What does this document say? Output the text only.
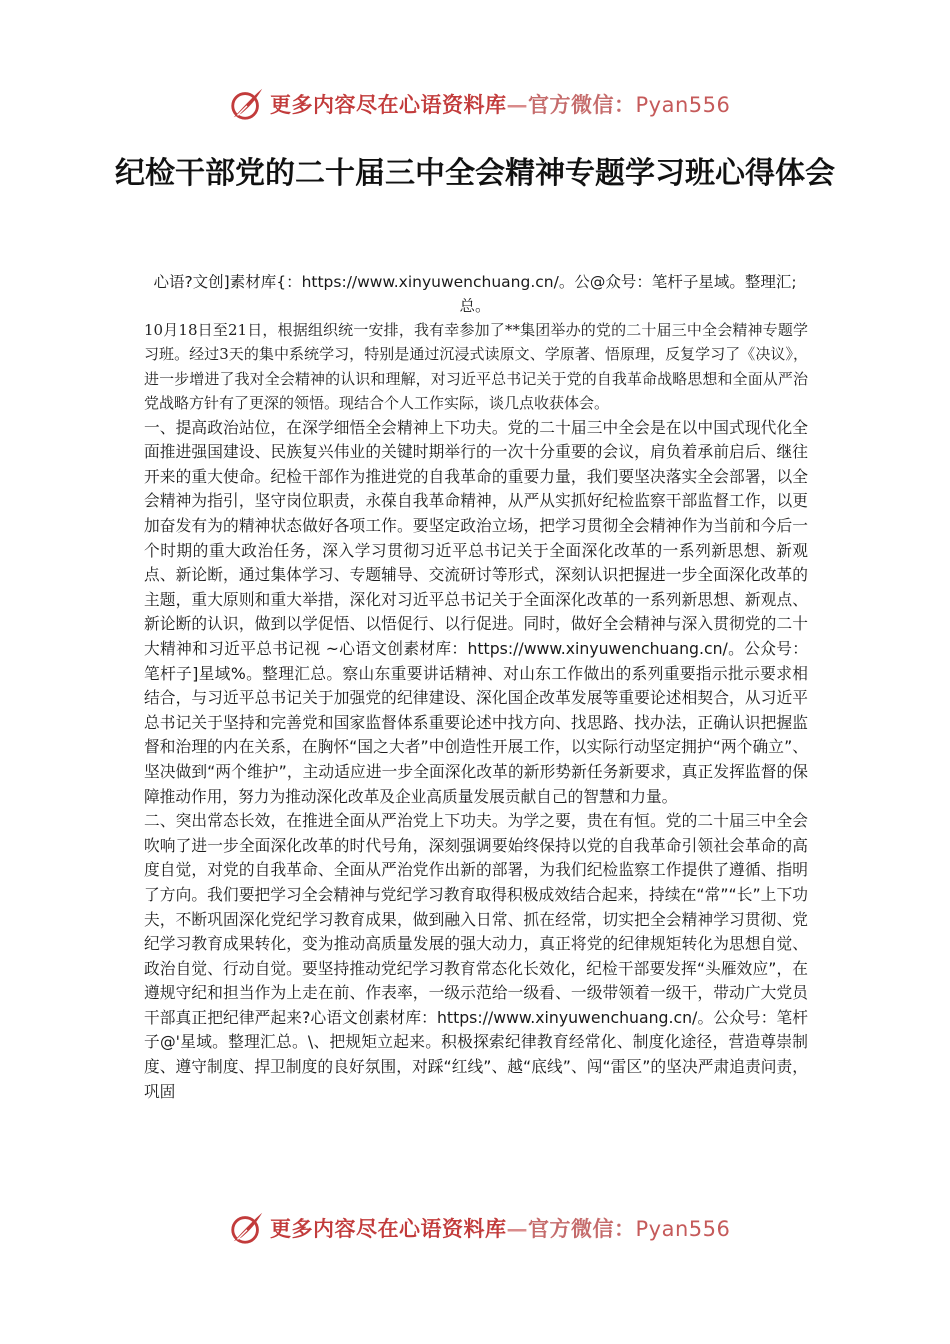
更多内容尽在心语资料库—官方微信：Pyan556
纪检干部党的二十届三中全会精神专题学习班心得体会

心语?文创]素材库{：https://www.xinyuwenchuang.cn/。公@众号：笔杆子星域。整理汇;总。

10月18日至21日，根据组织统一安排，我有幸参加了**集团举办的党的二十届三中全会精神专题学习班。经过3天的集中系统学习，特别是通过沉浸式读原文、学原著、悟原理，反复学习了《决议》，进一步增进了我对全会精神的认识和理解，对习近平总书记关于党的自我革命战略思想和全面从严治党战略方针有了更深的领悟。现结合个人工作实际，谈几点收获体会。

一、提高政治站位，在深学细悟全会精神上下功夫。党的二十届三中全会是在以中国式现代化全面推进强国建设、民族复兴伟业的关键时期举行的一次十分重要的会议，肩负着承前启后、继往开来的重大使命。纪检干部作为推进党的自我革命的重要力量，我们要坚决落实全会部署，以全会精神为指引，坚守岗位职责，永葆自我革命精神，从严从实抓好纪检监察干部监督工作，以更加奋发有为的精神状态做好各项工作。要坚定政治立场，把学习贯彻全会精神作为当前和今后一个时期的重大政治任务，深入学习贯彻习近平总书记关于全面深化改革的一系列新思想、新观点、新论断，通过集体学习、专题辅导、交流研讨等形式，深刻认识把握进一步全面深化改革的主题，重大原则和重大举措，深化对习近平总书记关于全面深化改革的一系列新思想、新观点、新论断的认识，做到以学促悟、以悟促行、以行促进。同时，做好全会精神与深入贯彻党的二十大精神和习近平总书记视 ~心语文创素材库：https://www.xinyuwenchuang.cn/。公众号：笔杆子]星域%。整理汇总。察山东重要讲话精神、对山东工作做出的系列重要指示批示要求相结合，与习近平总书记关于加强党的纪律建设、深化国企改革发展等重要论述相契合，从习近平总书记关于坚持和完善党和国家监督体系重要论述中找方向、找思路、找办法，正确认识把握监督和治理的内在关系，在胸怀“国之大者”中创造性开展工作，以实际行动坚定拥护“两个确立”、坚决做到“两个维护”，主动适应进一步全面深化改革的新形势新任务新要求，真正发挥监督的保障推动作用，努力为推动深化改革及企业高质量发展贡献自己的智慧和力量。

二、突出常态长效，在推进全面从严治党上下功夫。为学之要，贵在有恒。党的二十届三中全会吹响了进一步全面深化改革的时代号角，深刻强调要始终保持以党的自我革命引领社会革命的高度自觉，对党的自我革命、全面从严治党作出新的部署，为我们纪检监察工作提供了遵循、指明了方向。我们要把学习全会精神与党纪学习教育取得积极成效结合起来，持续在“常”“长”上下功夫，不断巩固深化党纪学习教育成果，做到融入日常、抓在经常，切实把全会精神学习贯彻、党纪学习教育成果转化，变为推动高质量发展的强大动力，真正将党的纪律规矩转化为思想自觉、政治自觉、行动自觉。要坚持推动党纪学习教育常态化长效化，纪检干部要发挥“头雁效应”，在遵规守纪和担当作为上走在前、作表率，一级示范给一级看、一级带领着一级干，带动广大党员干部真正把纪律严起来?心语文创素材库：https://www.xinyuwenchuang.cn/。公众号：笔杆子@'星域。整理汇总。\、把规矩立起来。积极探索纪律教育经常化、制度化途径，营造尊崇制度、遵守制度、捍卫制度的良好氛围，对踩“红线”、越“底线”、闯“雷区”的坚决严肃追责问责，巩固

更多内容尽在心语资料库—官方微信：Pyan556
